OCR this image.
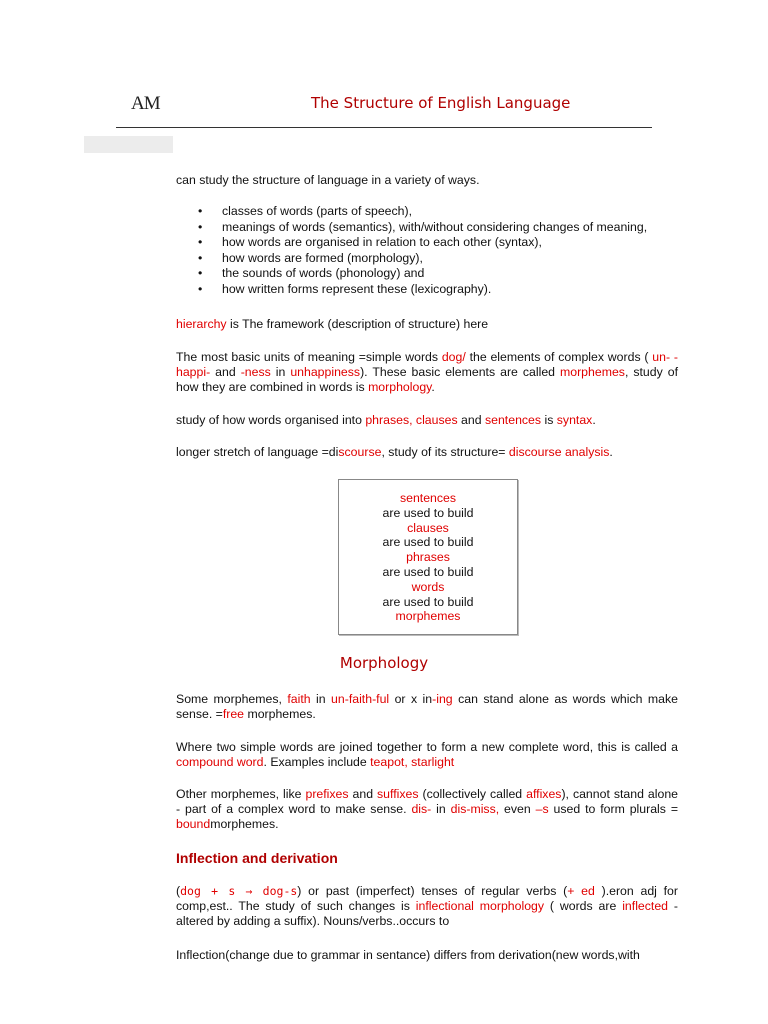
AM	The Structure of English Language
can study the structure of language in a variety of ways.
• classes of words (parts of speech),
• meanings of words (semantics), with/without considering changes of meaning,
• how words are organised in relation to each other (syntax),
• how words are formed (morphology),
• the sounds of words (phonology) and
• how written forms represent these (lexicography).
hierarchy is The framework (description of structure) here
The most basic units of meaning =simple words dog/ the elements of complex words ( un- -happi- and -ness in unhappiness). These basic elements are called morphemes, study of how they are combined in words is morphology.
study of how words organised into phrases, clauses and sentences is syntax.
longer stretch of language =discourse, study of its structure= discourse analysis.
sentences
are used to build
clauses
are used to build
phrases
are used to build
words
are used to build
morphemes
Morphology
Some morphemes, faith in un-faith-ful or x in-ing can stand alone as words which make sense. =free morphemes.
Where two simple words are joined together to form a new complete word, this is called a compound word. Examples include teapot, starlight
Other morphemes, like prefixes and suffixes (collectively called affixes), cannot stand alone - part of a complex word to make sense. dis- in dis-miss, even –s used to form plurals = boundmorphemes.
Inflection and derivation
(dog + s → dog-s) or past (imperfect) tenses of regular verbs (+ ed ).eron adj for comp,est.. The study of such changes is inflectional morphology ( words are inflected - altered by adding a suffix). Nouns/verbs..occurs to
Inflection(change due to grammar in sentance) differs from derivation(new words,with
